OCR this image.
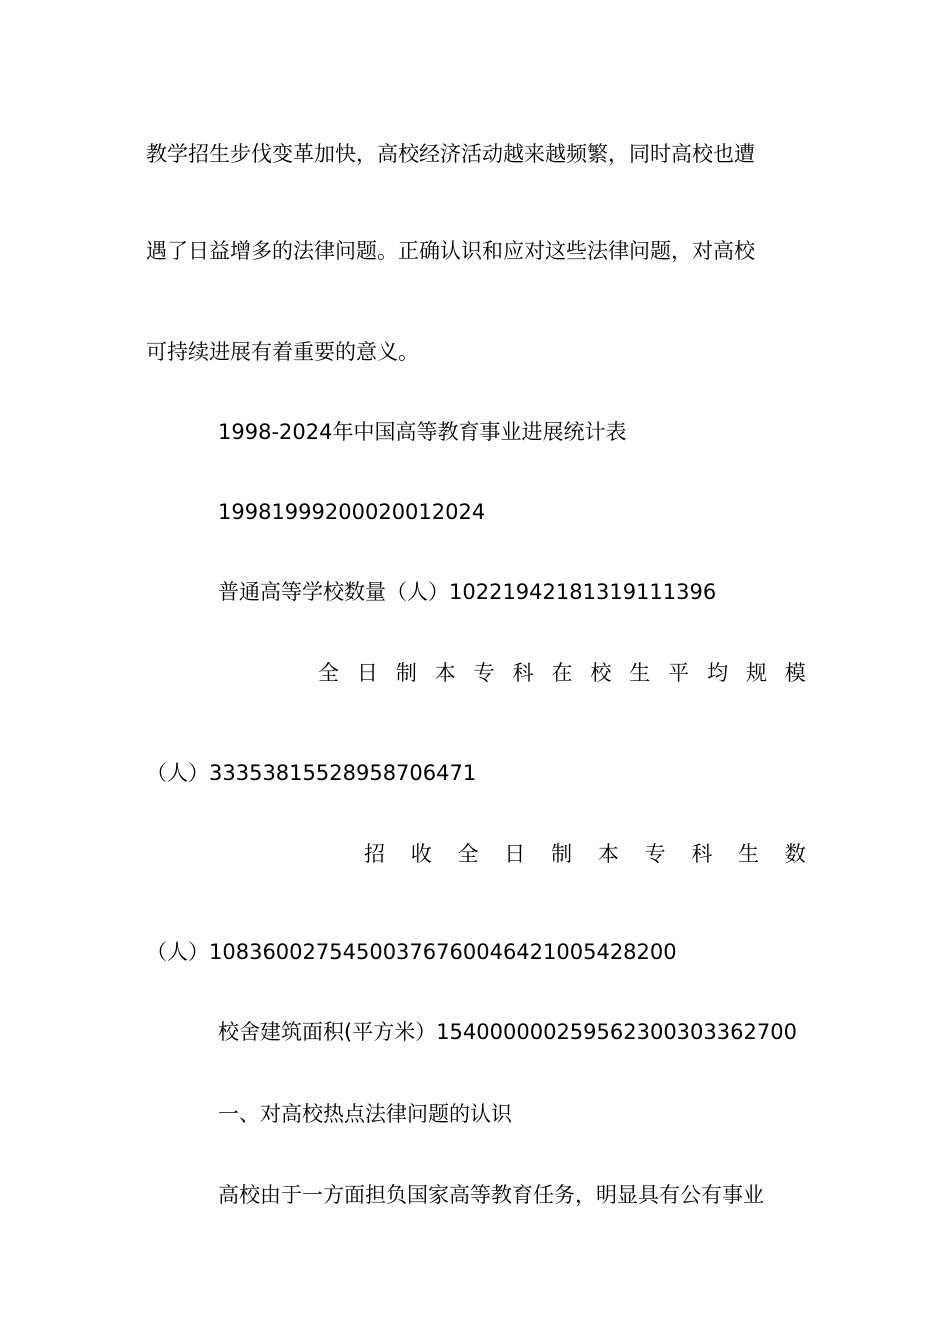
教学招生步伐变革加快，高校经济活动越来越频繁，同时高校也遭
遇了日益增多的法律问题。正确认识和应对这些法律问题，对高校
可持续进展有着重要的意义。
1998-2024年中国高等教育事业进展统计表
19981999200020012024
普通高等学校数量（人）10221942181319111396
全 日 制 本 专 科 在 校 生 平 均 规 模
（人）33353815528958706471
招 收 全 日 制 本 专 科 生 数
（人）10836002754500376760046421005428200
校舍建筑面积(平方米）154000000259562300303362700
一、对高校热点法律问题的认识
高校由于一方面担负国家高等教育任务，明显具有公有事业
